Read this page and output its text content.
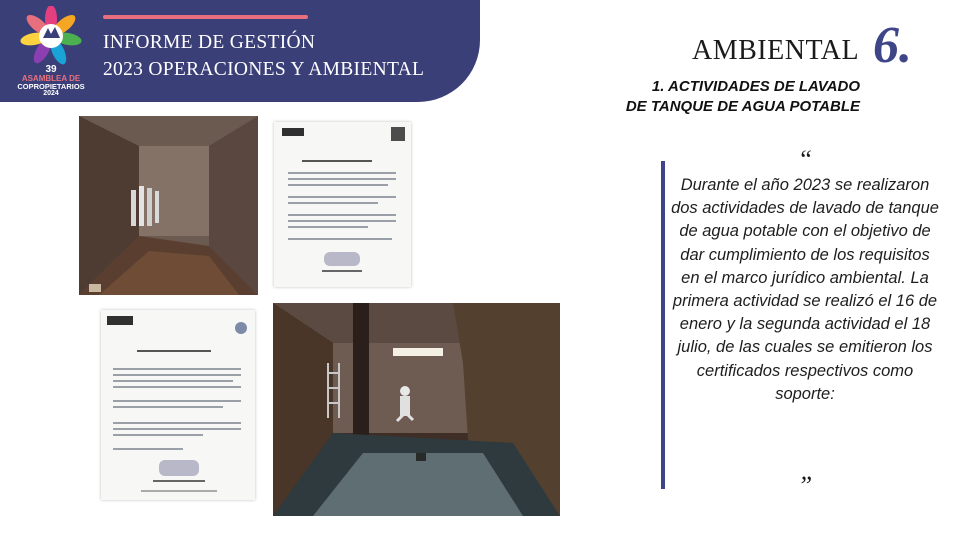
39
ASAMBLEA DE
COPROPIETARIOS
2024
INFORME DE GESTIÓN
2023 OPERACIONES Y AMBIENTAL
AMBIENTAL 6.
1. ACTIVIDADES DE LAVADO
DE TANQUE DE AGUA POTABLE
“
Durante el año 2023 se realizaron dos actividades de lavado de tanque de agua potable con el objetivo de dar cumplimiento de los requisitos en el marco jurídico ambiental. La primera actividad se realizó el 16 de enero y la segunda actividad el 18 julio, de las cuales se emitieron los certificados respectivos como soporte:
”
